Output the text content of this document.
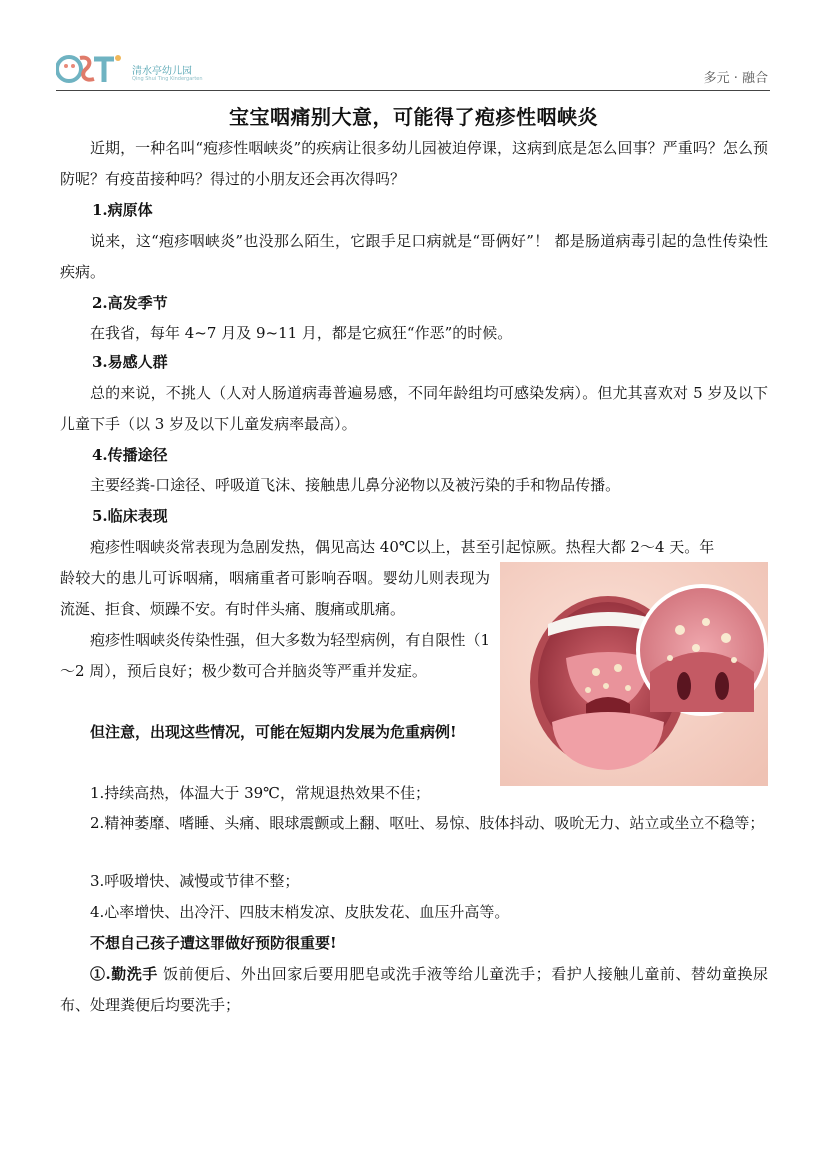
清水亭幼儿园
Qing Shui Ting Kindergarten	多元 · 融合
宝宝咽痛别大意，可能得了疱疹性咽峡炎

近期，一种名叫“疱疹性咽峡炎”的疾病让很多幼儿园被迫停课，这病到底是怎么回事？严重吗？怎么预防呢？有疫苗接种吗？得过的小朋友还会再次得吗？

1.病原体

说来，这“疱疹咽峡炎”也没那么陌生，它跟手足口病就是“哥俩好”！ 都是肠道病毒引起的急性传染性疾病。

2.高发季节

在我省，每年 4~7 月及 9~11 月，都是它疯狂“作恶”的时候。

3.易感人群

总的来说，不挑人（人对人肠道病毒普遍易感，不同年龄组均可感染发病）。但尤其喜欢对 5 岁及以下儿童下手（以 3 岁及以下儿童发病率最高）。

4.传播途径

主要经粪-口途径、呼吸道飞沫、接触患儿鼻分泌物以及被污染的手和物品传播。

5.临床表现

疱疹性咽峡炎常表现为急剧发热，偶见高达 40℃以上，甚至引起惊厥。热程大都 2～4 天。年

龄较大的患儿可诉咽痛，咽痛重者可影响吞咽。婴幼儿则表现为流涎、拒食、烦躁不安。有时伴头痛、腹痛或肌痛。

疱疹性咽峡炎传染性强，但大多数为轻型病例，有自限性（1～2 周），预后良好；极少数可合并脑炎等严重并发症。

但注意，出现这些情况，可能在短期内发展为危重病例!

1.持续高热，体温大于 39℃，常规退热效果不佳；

2.精神萎靡、嗜睡、头痛、眼球震颤或上翻、呕吐、易惊、肢体抖动、吸吮无力、站立或坐立不稳等；

3.呼吸增快、减慢或节律不整；

4.心率增快、出冷汗、四肢末梢发凉、皮肤发花、血压升高等。

不想自己孩子遭这罪做好预防很重要!

①.勤洗手 饭前便后、外出回家后要用肥皂或洗手液等给儿童洗手；看护人接触儿童前、替幼童换尿布、处理粪便后均要洗手；
